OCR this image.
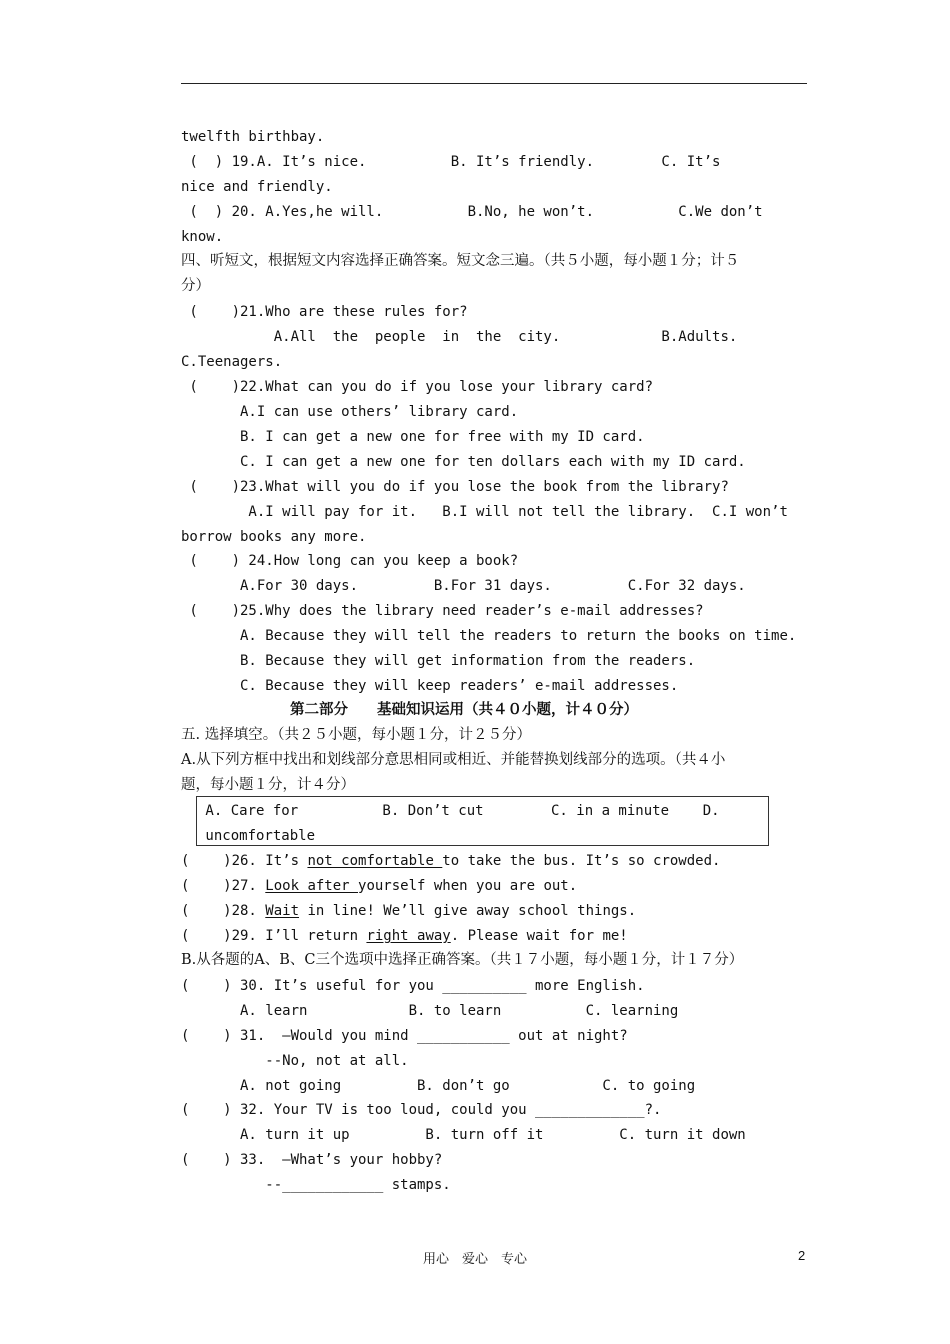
twelfth birthbay.
(  ) 19.A. It’s nice.          B. It’s friendly.        C. It’s
nice and friendly.
(  ) 20. A.Yes,he will.          B.No, he won’t.          C.We don’t
know.
四、听短文，根据短文内容选择正确答案。短文念三遍。（共５小题，每小题１分；计５
分）
(    )21.Who are these rules for?
A.All  the  people  in  the  city.            B.Adults.
C.Teenagers.
(    )22.What can you do if you lose your library card?
A.I can use others’ library card.
B. I can get a new one for free with my ID card.
C. I can get a new one for ten dollars each with my ID card.
(    )23.What will you do if you lose the book from the library?
A.I will pay for it.   B.I will not tell the library.  C.I won’t
borrow books any more.
(    ) 24.How long can you keep a book?
A.For 30 days.         B.For 31 days.         C.For 32 days.
(    )25.Why does the library need reader’s e-mail addresses?
A. Because they will tell the readers to return the books on time.
B. Because they will get information from the readers.
C. Because they will keep readers’ e-mail addresses.
第二部分　　基础知识运用（共４０小题，计４０分）
五. 选择填空。（共２５小题，每小题１分，计２５分）
A.从下列方框中找出和划线部分意思相同或相近、并能替换划线部分的选项。（共４小
题，每小题１分，计４分）
A. Care for          B. Don’t cut        C. in a minute    D.
uncomfortable
(    )26. It’s not comfortable to take the bus. It’s so crowded.
(    )27. Look after yourself when you are out.
(    )28. Wait in line! We’ll give away school things.
(    )29. I’ll return right away. Please wait for me!
B.从各题的A、B、C三个选项中选择正确答案。（共１７小题，每小题１分，计１７分）
(    ) 30. It’s useful for you __________ more English.
A. learn            B. to learn          C. learning
(    ) 31.  –Would you mind ___________ out at night?
--No, not at all.
A. not going         B. don’t go           C. to going
(    ) 32. Your TV is too loud, could you _____________?.
A. turn it up         B. turn off it         C. turn it down
(    ) 33.  –What’s your hobby?
--____________ stamps.
用心　爱心　专心	2
